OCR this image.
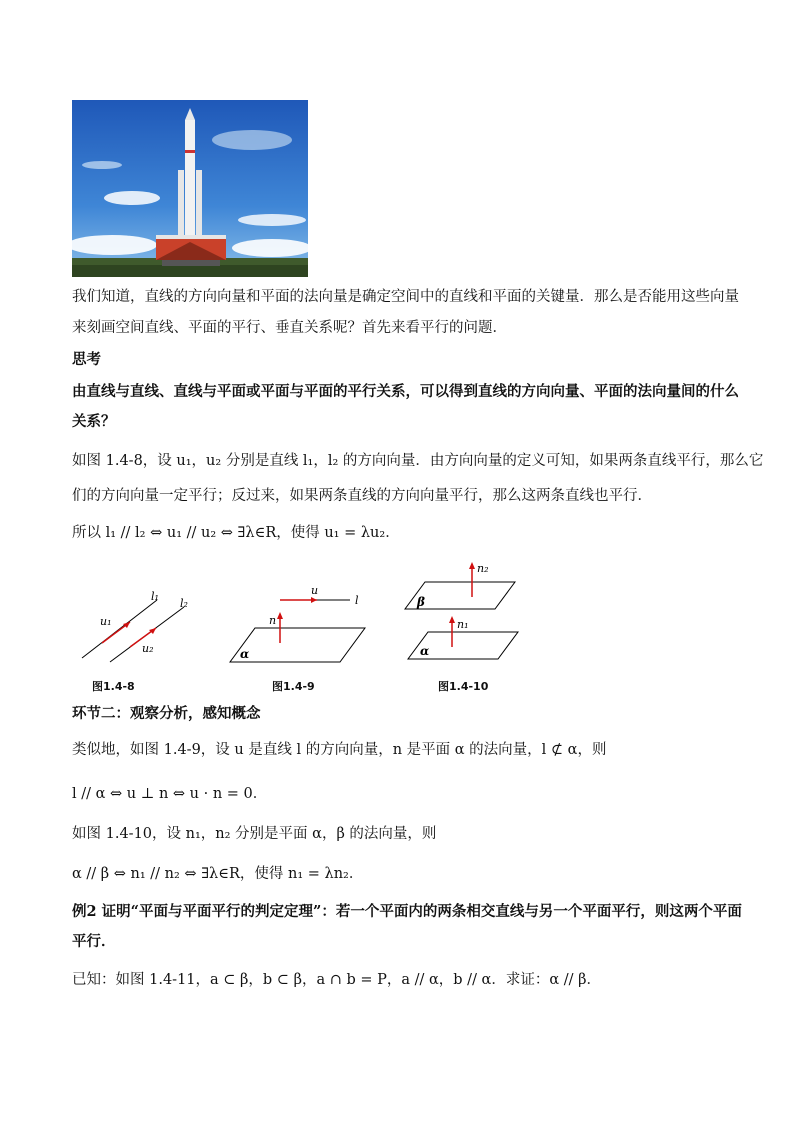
我们知道，直线的方向向量和平面的法向量是确定空间中的直线和平面的关键量．那么是否能用这些向量
来刻画空间直线、平面的平行、垂直关系呢？首先来看平行的问题．
思考
由直线与直线、直线与平面或平面与平面的平行关系，可以得到直线的方向向量、平面的法向量间的什么
关系？
如图 1.4-8，设 u₁，u₂ 分别是直线 l₁，l₂ 的方向向量．由方向向量的定义可知，如果两条直线平行，那么它
们的方向向量一定平行；反过来，如果两条直线的方向向量平行，那么这两条直线也平行．
所以 l₁ // l₂ ⇔ u₁ // u₂ ⇔ ∃λ∈R，使得 u₁ = λu₂．
l₁
l₂
u₁
u₂
图1.4-8
u
l
n
α
图1.4-9
n₂
n₁
β
α
图1.4-10
环节二：观察分析，感知概念
类似地，如图 1.4-9，设 u 是直线 l 的方向向量，n 是平面 α 的法向量，l ⊄ α，则
l // α ⇔ u ⊥ n ⇔ u · n = 0．
如图 1.4-10，设 n₁，n₂ 分别是平面 α，β 的法向量，则
α // β ⇔ n₁ // n₂ ⇔ ∃λ∈R，使得 n₁ = λn₂．
例2 证明“平面与平面平行的判定定理”：若一个平面内的两条相交直线与另一个平面平行，则这两个平面
平行．
已知：如图 1.4-11，a ⊂ β，b ⊂ β，a ∩ b = P，a // α，b // α．求证：α // β．
